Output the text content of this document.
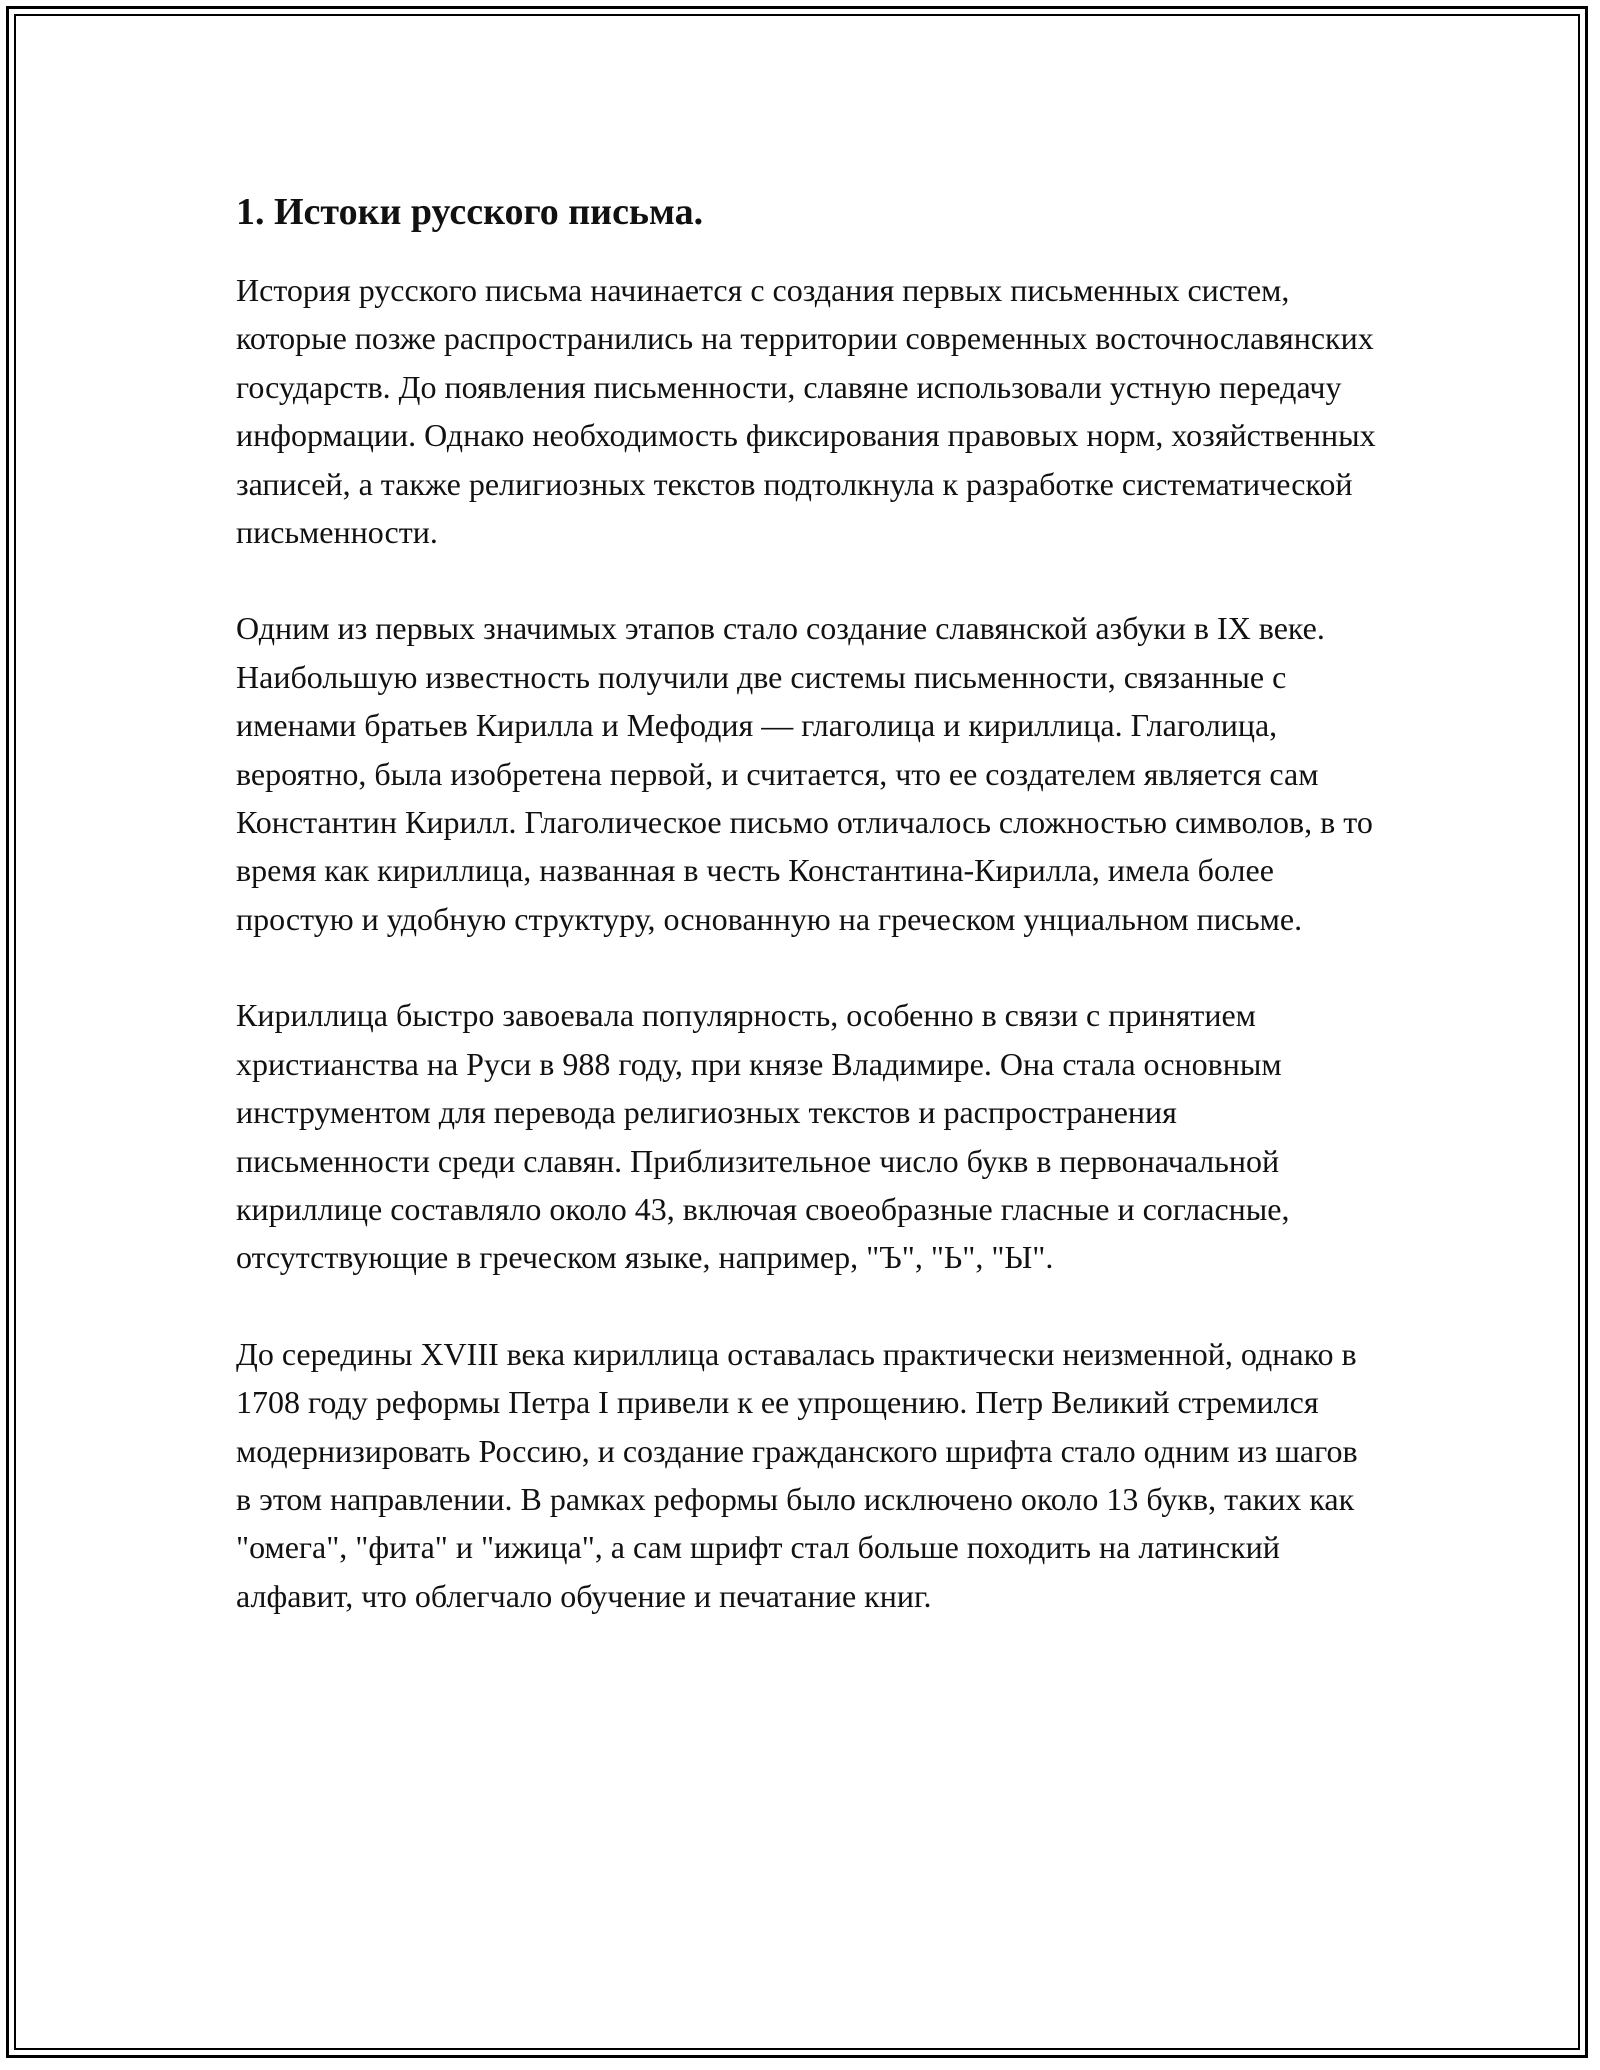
1. Истоки русского письма.

История русского письма начинается с создания первых письменных систем, которые позже распространились на территории современных восточнославянских государств. До появления письменности, славяне использовали устную передачу информации. Однако необходимость фиксирования правовых норм, хозяйственных записей, а также религиозных текстов подтолкнула к разработке систематической письменности.

Одним из первых значимых этапов стало создание славянской азбуки в IX веке. Наибольшую известность получили две системы письменности, связанные с именами братьев Кирилла и Мефодия — глаголица и кириллица. Глаголица, вероятно, была изобретена первой, и считается, что ее создателем является сам Константин Кирилл. Глаголическое письмо отличалось сложностью символов, в то время как кириллица, названная в честь Константина-Кирилла, имела более простую и удобную структуру, основанную на греческом унциальном письме.

Кириллица быстро завоевала популярность, особенно в связи с принятием христианства на Руси в 988 году, при князе Владимире. Она стала основным инструментом для перевода религиозных текстов и распространения письменности среди славян. Приблизительное число букв в первоначальной кириллице составляло около 43, включая своеобразные гласные и согласные, отсутствующие в греческом языке, например, "Ъ", "Ь", "Ы".

До середины XVIII века кириллица оставалась практически неизменной, однако в 1708 году реформы Петра I привели к ее упрощению. Петр Великий стремился модернизировать Россию, и создание гражданского шрифта стало одним из шагов в этом направлении. В рамках реформы было исключено около 13 букв, таких как "омега", "фита" и "ижица", а сам шрифт стал больше походить на латинский алфавит, что облегчало обучение и печатание книг.
